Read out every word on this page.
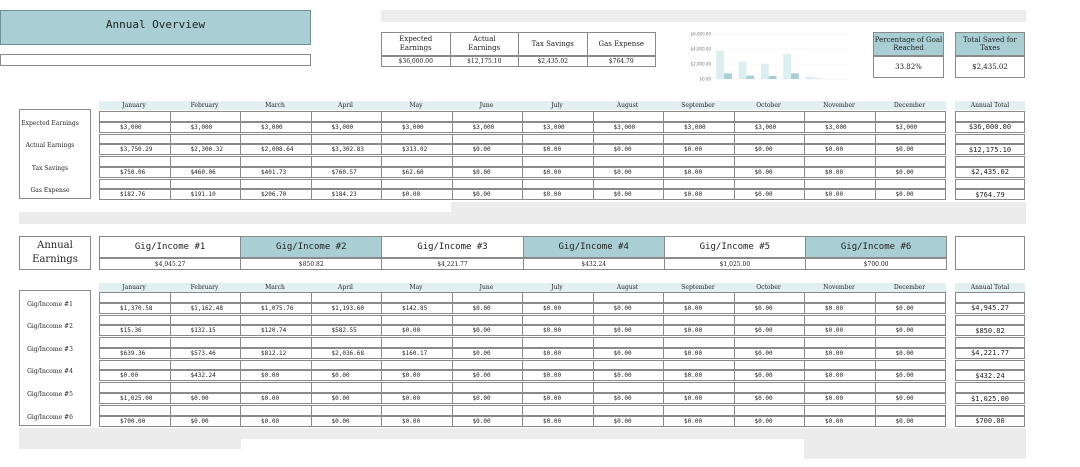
Annual Overview
Expected
Earnings
$36,000.00
Actual
Earnings
$12,175.10
Tax Savings
$2,435.02
Gas Expense
$764.79
$6,000.00
$4,000.00
$2,000.00
$0.00
Percentage of Goal Reached
33.82%
Total Saved for Taxes
$2,435.02
January	February	March	April	May	June	July	August	September	October	November	December	Annual Total
Expected Earnings
$3,000	$3,000	$3,000	$3,000	$3,000	$3,000	$3,000	$3,000	$3,000	$3,000	$3,000	$3,000	$36,000.00
Actual Earnings
$3,750.29	$2,300.32	$2,008.64	$3,302.83	$313.02	$0.00	$0.00	$0.00	$0.00	$0.00	$0.00	$0.00	$12,175.10
Tax Savings
$750.06	$460.06	$401.73	$760.57	$62.60	$0.00	$0.00	$0.00	$0.00	$0.00	$0.00	$0.00	$2,435.02
Gas Expense
$182.76	$191.10	$206.70	$184.23	$0.00	$0.00	$0.00	$0.00	$0.00	$0.00	$0.00	$0.00	$764.79
Annual
Earnings
Gig/Income #1
$4,945.27
Gig/Income #2
$850.82
Gig/Income #3
$4,221.77
Gig/Income #4
$432.24
Gig/Income #5
$1,025.00
Gig/Income #6
$700.00
January	February	March	April	May	June	July	August	September	October	November	December	Annual Total
Gig/Income #1
$1,370.58	$1,162.48	$1,075.76	$1,193.60	$142.85	$0.00	$0.00	$0.00	$0.00	$0.00	$0.00	$0.00	$4,945.27
Gig/Income #2
$15.36	$132.15	$120.74	$582.55	$0.00	$0.00	$0.00	$0.00	$0.00	$0.00	$0.00	$0.00	$850.82
Gig/Income #3
$639.36	$573.46	$812.12	$2,036.68	$160.17	$0.00	$0.00	$0.00	$0.00	$0.00	$0.00	$0.00	$4,221.77
Gig/Income #4
$0.00	$432.24	$0.00	$0.00	$0.00	$0.00	$0.00	$0.00	$0.00	$0.00	$0.00	$0.00	$432.24
Gig/Income #5
$1,025.00	$0.00	$0.00	$0.00	$0.00	$0.00	$0.00	$0.00	$0.00	$0.00	$0.00	$0.00	$1,025.00
Gig/Income #6
$700.00	$0.00	$0.00	$0.00	$0.00	$0.00	$0.00	$0.00	$0.00	$0.00	$0.00	$0.00	$700.00
